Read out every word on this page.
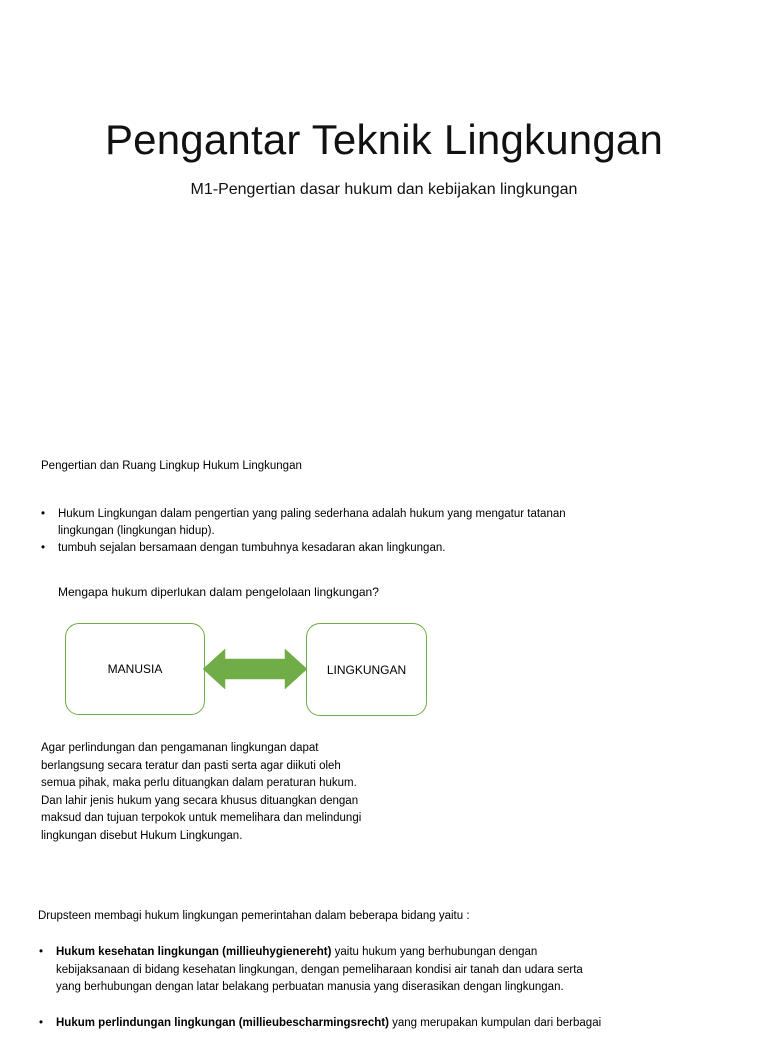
Pengantar Teknik Lingkungan

M1-Pengertian dasar hukum dan kebijakan lingkungan

Pengertian dan Ruang Lingkup Hukum Lingkungan

• Hukum Lingkungan dalam pengertian yang paling sederhana adalah hukum yang mengatur tatanan
lingkungan (lingkungan hidup).
• tumbuh sejalan bersamaan dengan tumbuhnya kesadaran akan lingkungan.

Mengapa hukum diperlukan dalam pengelolaan lingkungan?

MANUSIA	LINGKUNGAN

Agar perlindungan dan pengamanan lingkungan dapat
berlangsung secara teratur dan pasti serta agar diikuti oleh
semua pihak, maka perlu dituangkan dalam peraturan hukum.
Dan lahir jenis hukum yang secara khusus dituangkan dengan
maksud dan tujuan terpokok untuk memelihara dan melindungi
lingkungan disebut Hukum Lingkungan.

Drupsteen membagi hukum lingkungan pemerintahan dalam beberapa bidang yaitu :

• Hukum kesehatan lingkungan (millieuhygienereht) yaitu hukum yang berhubungan dengan
kebijaksanaan di bidang kesehatan lingkungan, dengan pemeliharaan kondisi air tanah dan udara serta
yang berhubungan dengan latar belakang perbuatan manusia yang diserasikan dengan lingkungan.
• Hukum perlindungan lingkungan (millieubescharmingsrecht) yang merupakan kumpulan dari berbagai
